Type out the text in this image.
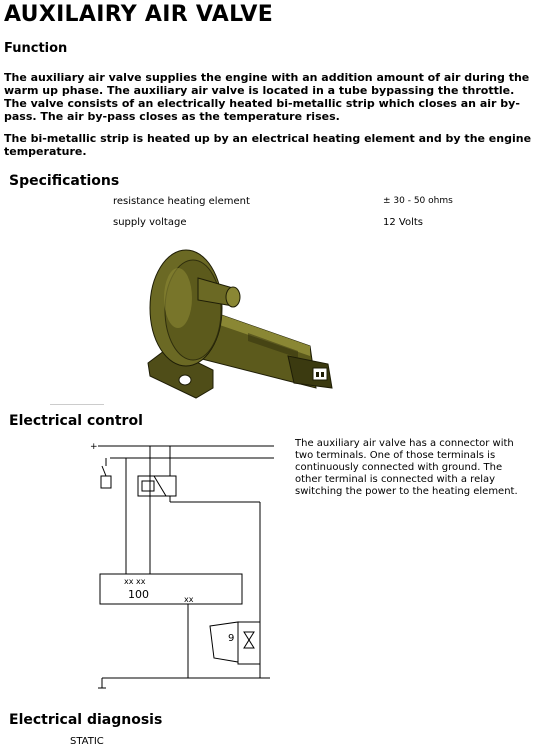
AUXILAIRY AIR VALVE
Function
The auxiliary air valve supplies the engine with an addition amount of air during the warm up phase. The auxiliary air valve is located in a tube bypassing the throttle. The valve consists of an electrically heated bi-metallic strip which closes an air by-pass. The air by-pass closes as the temperature rises.
The bi-metallic strip is heated up by an electrical heating element and by the engine temperature.
Specifications
resistance heating element	± 30 - 50 ohms
supply voltage	12 Volts
Electrical control
The auxiliary air valve has a connector with two terminals. One of those terminals is continuously connected with ground. The other terminal is connected with a relay switching the power to the heating element.
+
xx xx
100	xx
9
Electrical diagnosis
STATIC
